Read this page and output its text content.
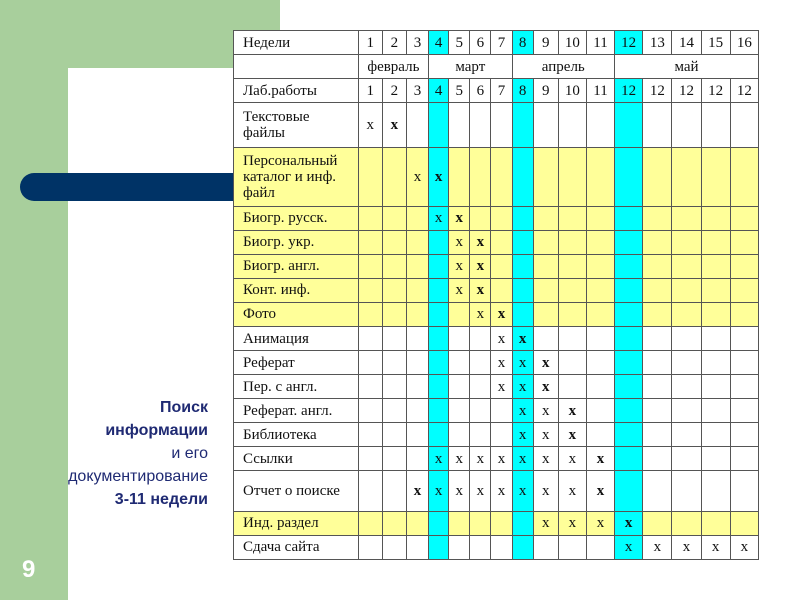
Поиск
информации
и его
документирование
3-11 недели
9
Недели	1	2	3	4	5	6	7	8	9	10	11	12	13	14	15	16
	февраль			март				апрель				май				
Лаб.работы	1	2	3	4	5	6	7	8	9	10	11	12	12	12	12	12
Текстовые файлы	x	x														
Персональный каталог и инф. файл			x	x												
Биогр. русск.				x	x											
Биогр. укр.					x	x										
Биогр. англ.					x	x										
Конт. инф.					x	x										
Фото						x	x									
Анимация							x	x								
Реферат							x	x	x							
Пер. с англ.							x	x	x							
Реферат. англ.								x	x	x						
Библиотека								x	x	x						
Ссылки				x	x	x	x	x	x	x	x					
Отчет о поиске			x	x	x	x	x	x	x	x	x					
Инд. раздел									x	x	x	x				
Сдача сайта												x	x	x	x	x
